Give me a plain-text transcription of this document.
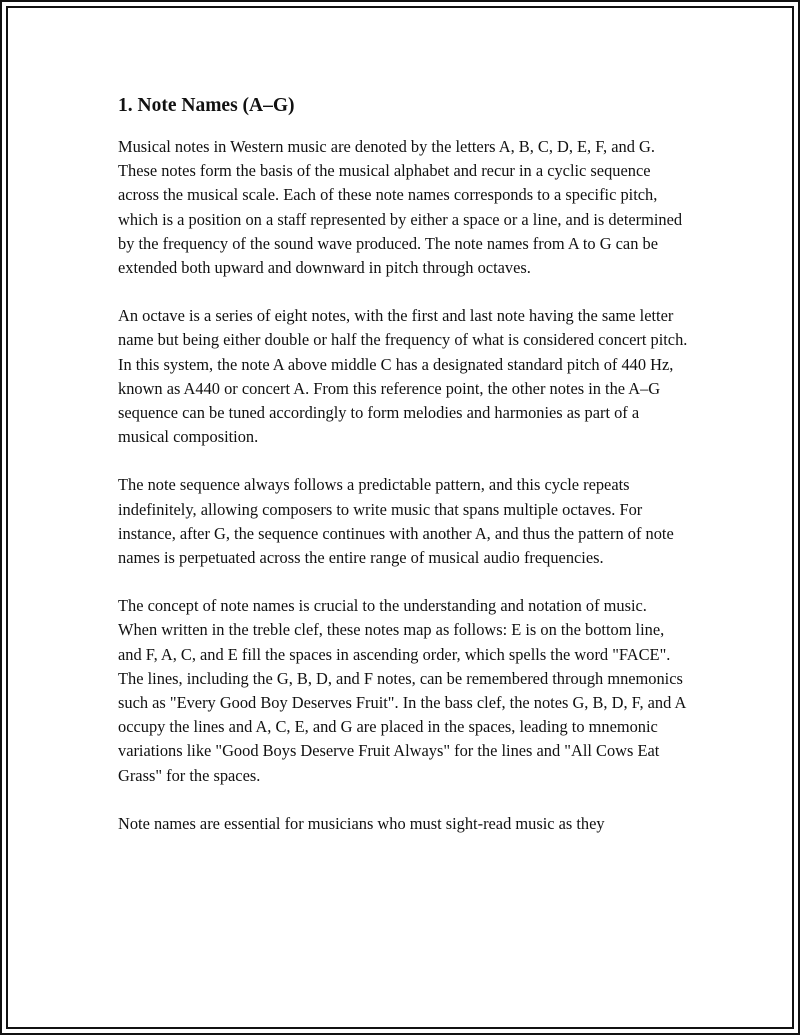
1. Note Names (A–G)

Musical notes in Western music are denoted by the letters A, B, C, D, E, F, and G. These notes form the basis of the musical alphabet and recur in a cyclic sequence across the musical scale. Each of these note names corresponds to a specific pitch, which is a position on a staff represented by either a space or a line, and is determined by the frequency of the sound wave produced. The note names from A to G can be extended both upward and downward in pitch through octaves.

An octave is a series of eight notes, with the first and last note having the same letter name but being either double or half the frequency of what is considered concert pitch. In this system, the note A above middle C has a designated standard pitch of 440 Hz, known as A440 or concert A. From this reference point, the other notes in the A–G sequence can be tuned accordingly to form melodies and harmonies as part of a musical composition.

The note sequence always follows a predictable pattern, and this cycle repeats indefinitely, allowing composers to write music that spans multiple octaves. For instance, after G, the sequence continues with another A, and thus the pattern of note names is perpetuated across the entire range of musical audio frequencies.

The concept of note names is crucial to the understanding and notation of music. When written in the treble clef, these notes map as follows: E is on the bottom line, and F, A, C, and E fill the spaces in ascending order, which spells the word "FACE". The lines, including the G, B, D, and F notes, can be remembered through mnemonics such as "Every Good Boy Deserves Fruit". In the bass clef, the notes G, B, D, F, and A occupy the lines and A, C, E, and G are placed in the spaces, leading to mnemonic variations like "Good Boys Deserve Fruit Always" for the lines and "All Cows Eat Grass" for the spaces.

Note names are essential for musicians who must sight-read music as they
